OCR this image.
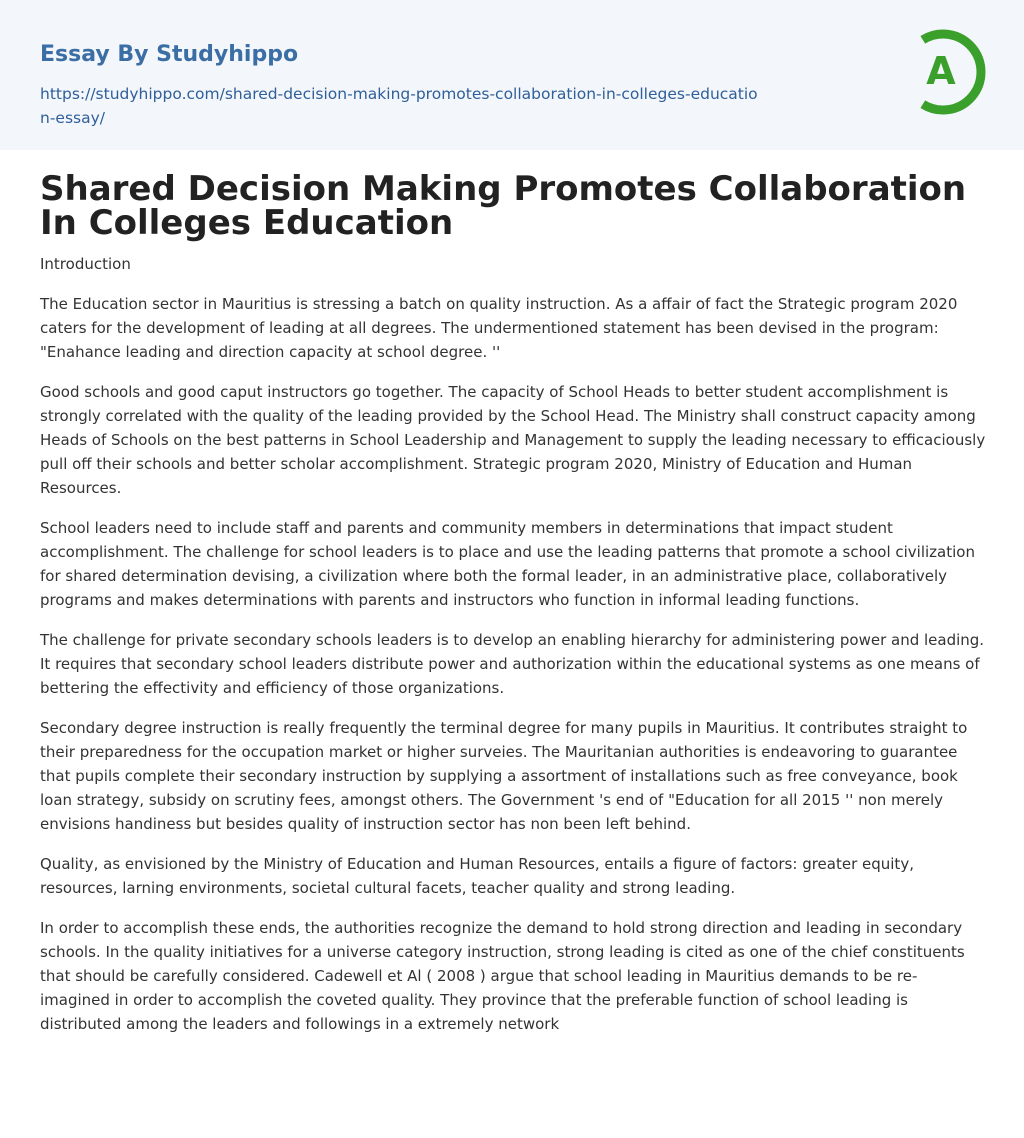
Essay By Studyhippo
https://studyhippo.com/shared-decision-making-promotes-collaboration-in-colleges-education-essay/
A
Shared Decision Making Promotes Collaboration In Colleges Education

Introduction

The Education sector in Mauritius is stressing a batch on quality instruction. As a affair of fact the Strategic program 2020 caters for the development of leading at all degrees. The undermentioned statement has been devised in the program: "Enahance leading and direction capacity at school degree. ''

Good schools and good caput instructors go together. The capacity of School Heads to better student accomplishment is strongly correlated with the quality of the leading provided by the School Head. The Ministry shall construct capacity among Heads of Schools on the best patterns in School Leadership and Management to supply the leading necessary to efficaciously pull off their schools and better scholar accomplishment. Strategic program 2020, Ministry of Education and Human Resources.

School leaders need to include staff and parents and community members in determinations that impact student accomplishment. The challenge for school leaders is to place and use the leading patterns that promote a school civilization for shared determination devising, a civilization where both the formal leader, in an administrative place, collaboratively programs and makes determinations with parents and instructors who function in informal leading functions.

The challenge for private secondary schools leaders is to develop an enabling hierarchy for administering power and leading. It requires that secondary school leaders distribute power and authorization within the educational systems as one means of bettering the effectivity and efficiency of those organizations.

Secondary degree instruction is really frequently the terminal degree for many pupils in Mauritius. It contributes straight to their preparedness for the occupation market or higher surveies. The Mauritanian authorities is endeavoring to guarantee that pupils complete their secondary instruction by supplying a assortment of installations such as free conveyance, book loan strategy, subsidy on scrutiny fees, amongst others. The Government 's end of "Education for all 2015 '' non merely envisions handiness but besides quality of instruction sector has non been left behind.

Quality, as envisioned by the Ministry of Education and Human Resources, entails a figure of factors: greater equity, resources, larning environments, societal cultural facets, teacher quality and strong leading.

In order to accomplish these ends, the authorities recognize the demand to hold strong direction and leading in secondary schools. In the quality initiatives for a universe category instruction, strong leading is cited as one of the chief constituents that should be carefully considered. Cadewell et Al ( 2008 ) argue that school leading in Mauritius demands to be re-imagined in order to accomplish the coveted quality. They province that the preferable function of school leading is distributed among the leaders and followings in a extremely network
